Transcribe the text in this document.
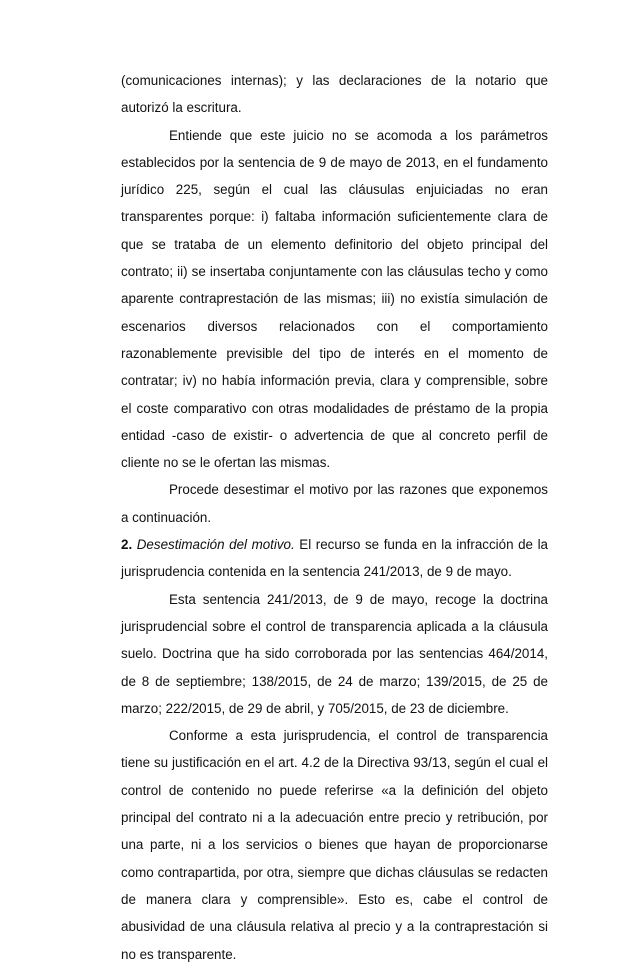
(comunicaciones internas); y las declaraciones de la notario que autorizó la escritura.

Entiende que este juicio no se acomoda a los parámetros establecidos por la sentencia de 9 de mayo de 2013, en el fundamento jurídico 225, según el cual las cláusulas enjuiciadas no eran transparentes porque: i) faltaba información suficientemente clara de que se trataba de un elemento definitorio del objeto principal del contrato; ii) se insertaba conjuntamente con las cláusulas techo y como aparente contraprestación de las mismas; iii) no existía simulación de escenarios diversos relacionados con el comportamiento razonablemente previsible del tipo de interés en el momento de contratar; iv) no había información previa, clara y comprensible, sobre el coste comparativo con otras modalidades de préstamo de la propia entidad -caso de existir- o advertencia de que al concreto perfil de cliente no se le ofertan las mismas.

Procede desestimar el motivo por las razones que exponemos a continuación.

2. Desestimación del motivo. El recurso se funda en la infracción de la jurisprudencia contenida en la sentencia 241/2013, de 9 de mayo.

Esta sentencia 241/2013, de 9 de mayo, recoge la doctrina jurisprudencial sobre el control de transparencia aplicada a la cláusula suelo. Doctrina que ha sido corroborada por las sentencias 464/2014, de 8 de septiembre; 138/2015, de 24 de marzo; 139/2015, de 25 de marzo; 222/2015, de 29 de abril, y 705/2015, de 23 de diciembre.

Conforme a esta jurisprudencia, el control de transparencia tiene su justificación en el art. 4.2 de la Directiva 93/13, según el cual el control de contenido no puede referirse «a la definición del objeto principal del contrato ni a la adecuación entre precio y retribución, por una parte, ni a los servicios o bienes que hayan de proporcionarse como contrapartida, por otra, siempre que dichas cláusulas se redacten de manera clara y comprensible». Esto es, cabe el control de abusividad de una cláusula relativa al precio y a la contraprestación si no es transparente.
